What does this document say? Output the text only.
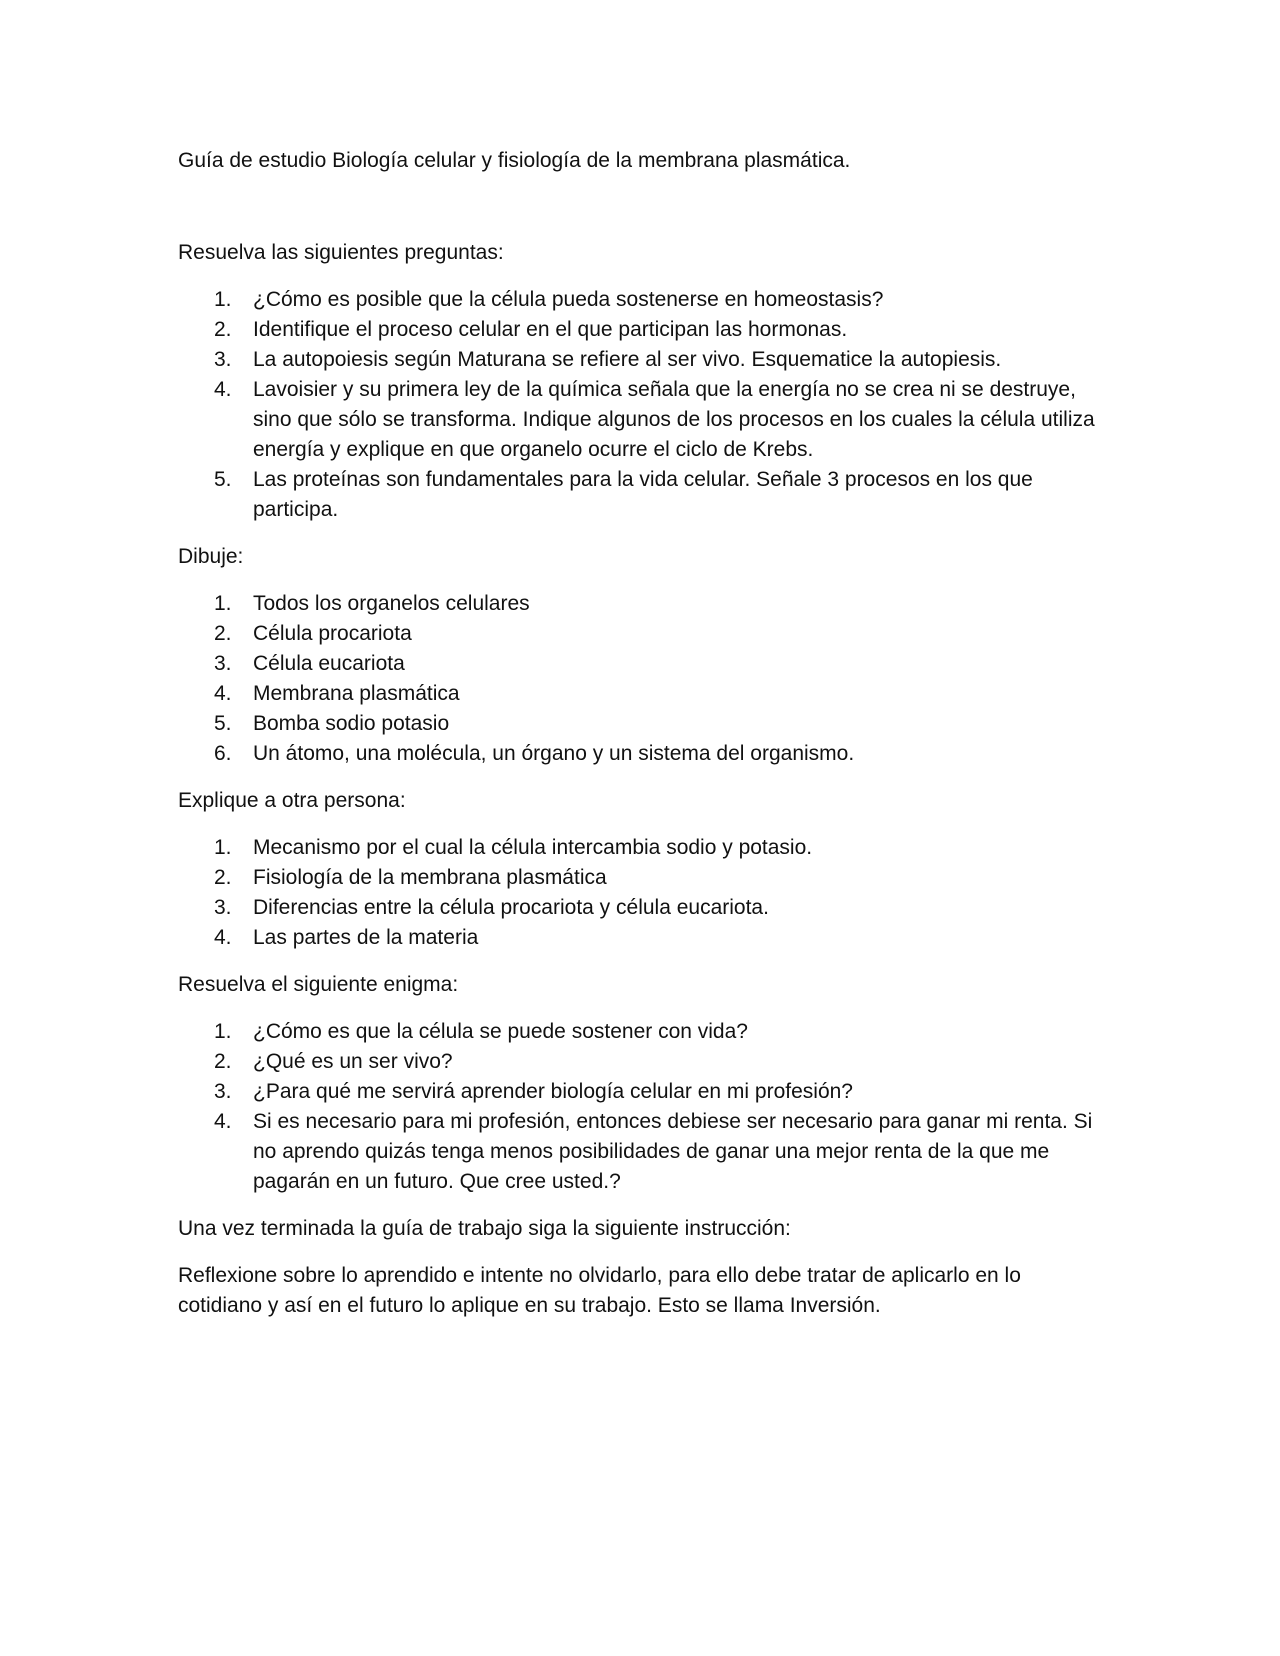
Guía de estudio Biología celular y fisiología de la membrana plasmática.

Resuelva las siguientes preguntas:

1.	¿Cómo es posible que la célula pueda sostenerse en homeostasis?
2.	Identifique el proceso celular en el que participan las hormonas.
3.	La autopoiesis según Maturana se refiere al ser vivo. Esquematice la autopiesis.
4.	Lavoisier y su primera ley de la química señala que la energía no se crea ni se destruye, sino que sólo se transforma. Indique algunos de los procesos en los cuales la célula utiliza energía y explique en que organelo ocurre el ciclo de Krebs.
5.	Las proteínas son fundamentales para la vida celular. Señale 3 procesos en los que participa.

Dibuje:

1.	Todos los organelos celulares
2.	Célula procariota
3.	Célula eucariota
4.	Membrana plasmática
5.	Bomba sodio potasio
6.	Un átomo, una molécula, un órgano y un sistema del organismo.

Explique a otra persona:

1.	Mecanismo por el cual la célula intercambia sodio y potasio.
2.	Fisiología de la membrana plasmática
3.	Diferencias entre la célula procariota y célula eucariota.
4.	Las partes de la materia

Resuelva el siguiente enigma:

1.	¿Cómo es que la célula se puede sostener con vida?
2.	¿Qué es un ser vivo?
3.	¿Para qué me servirá aprender biología celular en mi profesión?
4.	Si es necesario para mi profesión, entonces debiese ser necesario para ganar mi renta. Si no aprendo quizás tenga menos posibilidades de ganar una mejor renta de la que me pagarán en un futuro. Que cree usted.?

Una vez terminada la guía de trabajo siga la siguiente instrucción:

Reflexione sobre lo aprendido e intente no olvidarlo, para ello debe tratar de aplicarlo en lo cotidiano y así en el futuro lo aplique en su trabajo. Esto se llama Inversión.
